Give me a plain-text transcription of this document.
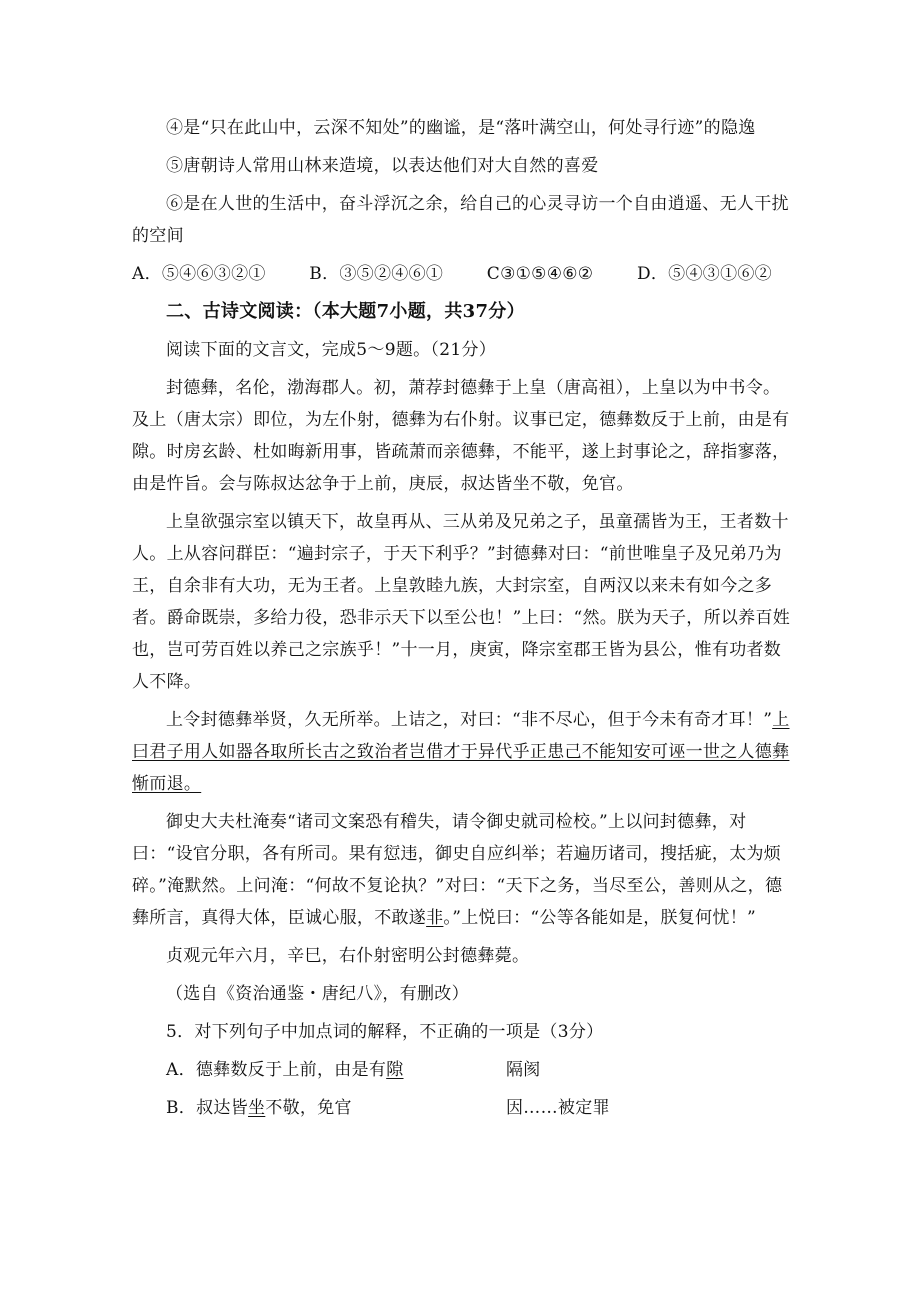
④是“只在此山中，云深不知处”的幽谧，是“落叶满空山，何处寻行迹”的隐逸

⑤唐朝诗人常用山林来造境，以表达他们对大自然的喜爱

⑥是在人世的生活中，奋斗浮沉之余，给自己的心灵寻访一个自由逍遥、无人干扰的空间

A．⑤④⑥③②①	B．③⑤②④⑥①	C③①⑤④⑥②	D．⑤④③①⑥②

二、古诗文阅读：（本大题7小题，共37分）

阅读下面的文言文，完成5～9题。（21分）

封德彝，名伦，渤海郡人。初，萧荐封德彝于上皇（唐高祖），上皇以为中书令。及上（唐太宗）即位，为左仆射，德彝为右仆射。议事已定，德彝数反于上前，由是有隙。时房玄龄、杜如晦新用事，皆疏萧而亲德彝，不能平，遂上封事论之，辞指寥落，由是忤旨。会与陈叔达忿争于上前，庚辰，叔达皆坐不敬，免官。

上皇欲强宗室以镇天下，故皇再从、三从弟及兄弟之子，虽童孺皆为王，王者数十人。上从容问群臣：“遍封宗子，于天下利乎？”封德彝对曰：“前世唯皇子及兄弟乃为王，自余非有大功，无为王者。上皇敦睦九族，大封宗室，自两汉以来未有如今之多者。爵命既崇，多给力役，恐非示天下以至公也！”上曰：“然。朕为天子，所以养百姓也，岂可劳百姓以养己之宗族乎！”十一月，庚寅，降宗室郡王皆为县公，惟有功者数人不降。

上令封德彝举贤，久无所举。上诘之，对曰：“非不尽心，但于今未有奇才耳！”上曰君子用人如器各取所长古之致治者岂借才于异代乎正患己不能知安可诬一世之人德彝惭而退。

御史大夫杜淹奏“诸司文案恐有稽失，请令御史就司检校。”上以问封德彝，对曰：“设官分职，各有所司。果有愆违，御史自应纠举；若遍历诸司，搜括疵，太为烦碎。”淹默然。上问淹：“何故不复论执？”对曰：“天下之务，当尽至公，善则从之，德彝所言，真得大体，臣诚心服，不敢遂非。”上悦曰：“公等各能如是，朕复何忧！”

贞观元年六月，辛巳，右仆射密明公封德彝薨。

（选自《资治通鉴・唐纪八》，有删改）

5．对下列句子中加点词的解释，不正确的一项是（3分）

A．德彝数反于上前，由是有隙	隔阂
B．叔达皆坐不敬，免官	因……被定罪
